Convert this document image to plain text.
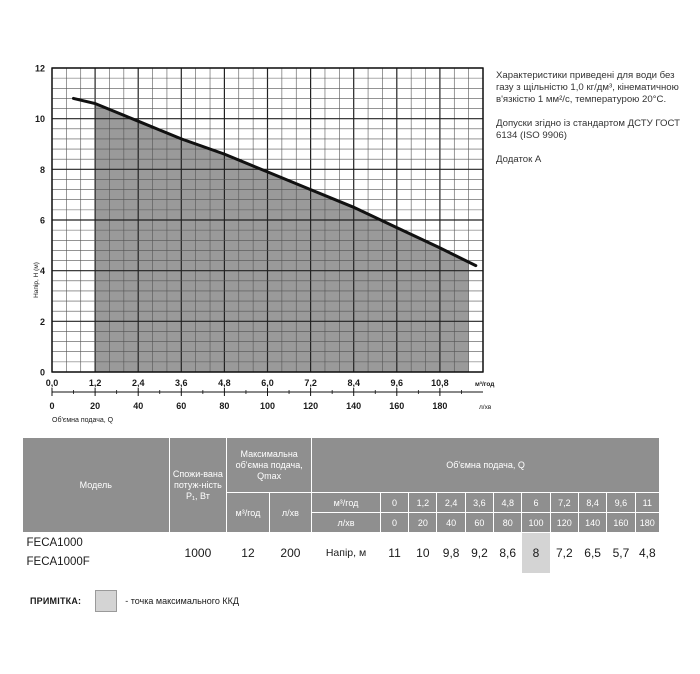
0
2
4
6
8
10
12
Напір, Н (м)
0,0	1,2	2,4	3,6	4,8	6,0	7,2	8,4	9,6	10,8	м³/год
0	20	40	60	80	100	120	140	160	180	л/хв
Об'ємна подача, Q

Характеристики приведені для води без газу з щільністю 1,0 кг/дм³, кінематичною в'язкістю 1 мм²/с, температурою 20°С.

Допуски згідно із стандартом ДСТУ ГОСТ 6134 (ISO 9906)

Додаток А

Модель	Спожи-вана потуж-ність P₁, Вт	Максимальна об'ємна подача, Qmax		Об'ємна подача, Q										
		м³/год	л/хв	м³/год	0	1,2	2,4	3,6	4,8	6	7,2	8,4	9,6	11
				л/хв	0	20	40	60	80	100	120	140	160	180

FECA1000
FECA1000F	1000	12	200	Напір, м	11	10	9,8	9,2	8,6	8	7,2	6,5	5,7	4,8
ПРИМІТКА:	- точка максимального ККД
